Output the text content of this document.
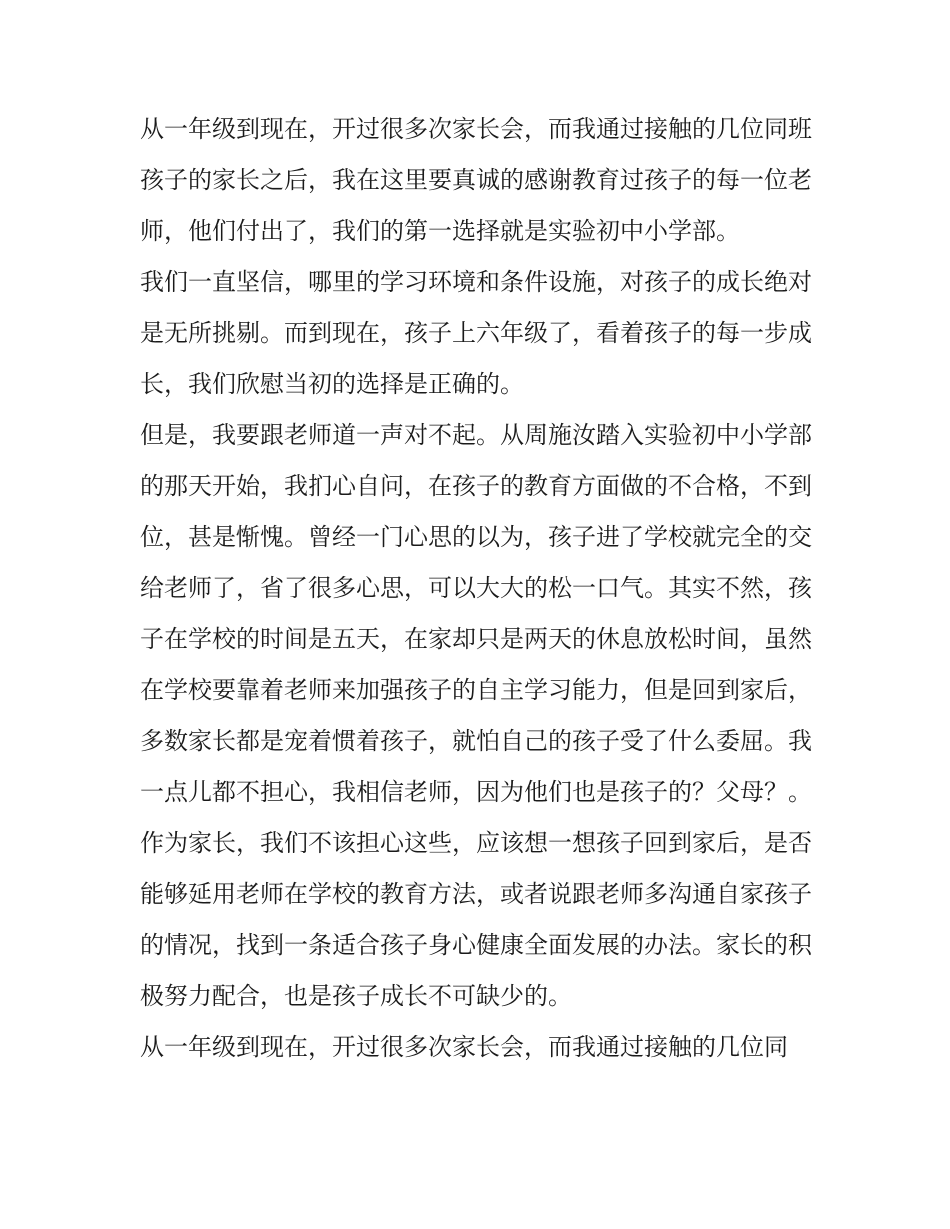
从一年级到现在，开过很多次家长会，而我通过接触的几位同班孩子的家长之后，我在这里要真诚的感谢教育过孩子的每一位老师，他们付出了，我们的第一选择就是实验初中小学部。

我们一直坚信，哪里的学习环境和条件设施，对孩子的成长绝对是无所挑剔。而到现在，孩子上六年级了，看着孩子的每一步成长，我们欣慰当初的选择是正确的。

但是，我要跟老师道一声对不起。从周施汝踏入实验初中小学部的那天开始，我扪心自问，在孩子的教育方面做的不合格，不到位，甚是惭愧。曾经一门心思的以为，孩子进了学校就完全的交给老师了，省了很多心思，可以大大的松一口气。其实不然，孩子在学校的时间是五天，在家却只是两天的休息放松时间，虽然在学校要靠着老师来加强孩子的自主学习能力，但是回到家后，多数家长都是宠着惯着孩子，就怕自己的孩子受了什么委屈。我一点儿都不担心，我相信老师，因为他们也是孩子的？父母？。

作为家长，我们不该担心这些，应该想一想孩子回到家后，是否能够延用老师在学校的教育方法，或者说跟老师多沟通自家孩子的情况，找到一条适合孩子身心健康全面发展的办法。家长的积极努力配合，也是孩子成长不可缺少的。

从一年级到现在，开过很多次家长会，而我通过接触的几位同
